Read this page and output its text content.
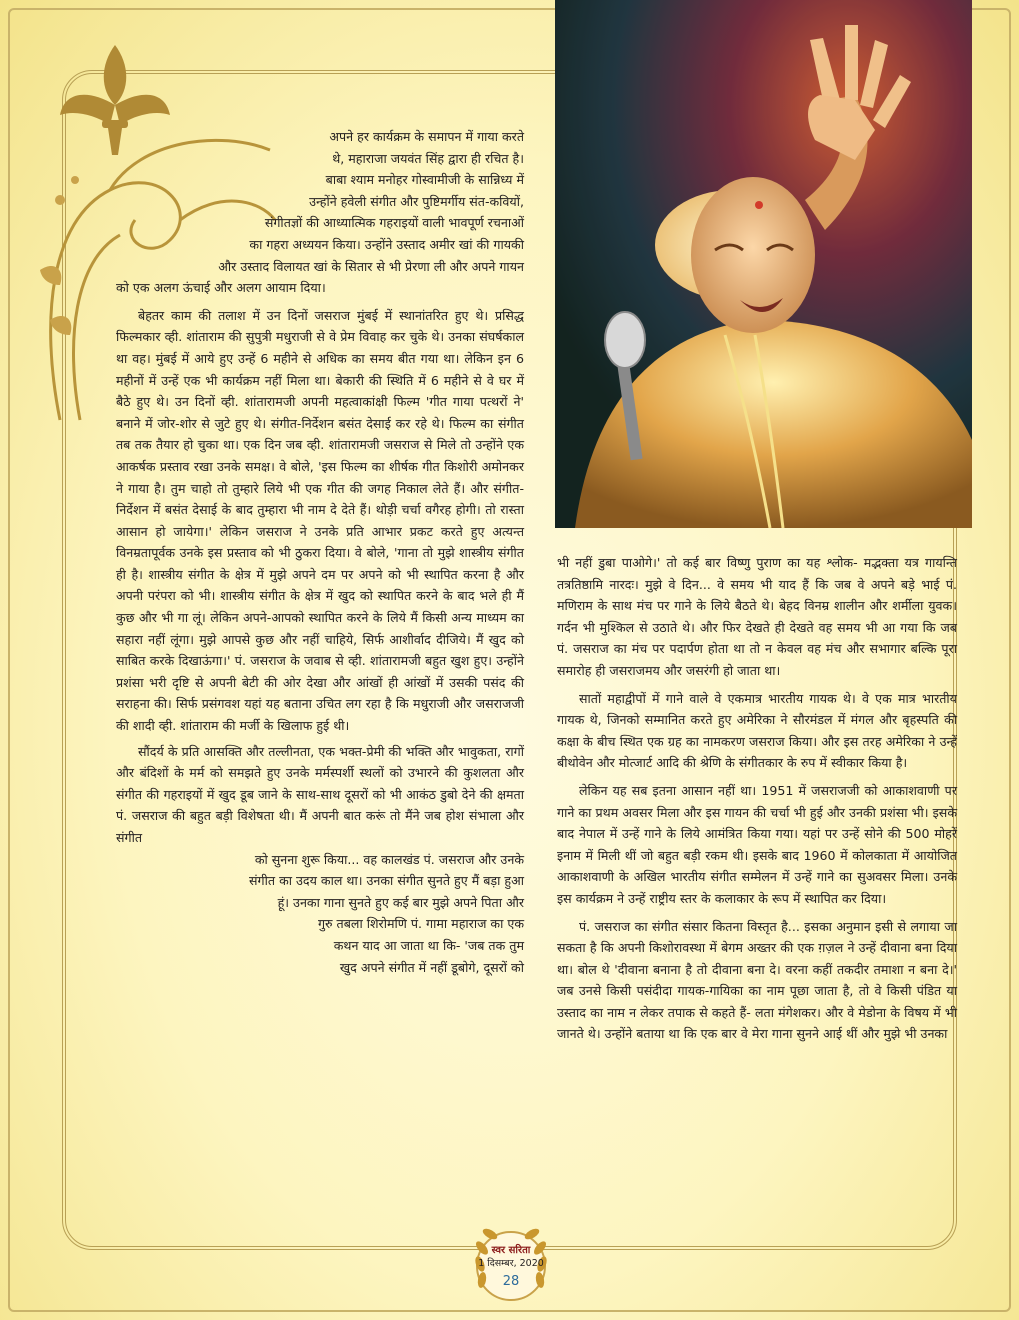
अपने हर कार्यक्रम के समापन में गाया करते

थे, महाराजा जयवंत सिंह द्वारा ही रचित है।

बाबा श्याम मनोहर गोस्वामीजी के सान्निध्य में

उन्होंने हवेली संगीत और पुष्टिमर्गीय संत-कवियों,

संगीतज्ञों की आध्यात्मिक गहराइयों वाली भावपूर्ण रचनाओं

का गहरा अध्ययन किया। उन्होंने उस्ताद अमीर खां की गायकी

और उस्ताद विलायत खां के सितार से भी प्रेरणा ली और अपने गायन

को एक अलग ऊंचाई और अलग आयाम दिया।

बेहतर काम की तलाश में उन दिनों जसराज मुंबई में स्थानांतरित हुए थे। प्रसिद्ध फिल्मकार व्ही. शांताराम की सुपुत्री मधुराजी से वे प्रेम विवाह कर चुके थे। उनका संघर्षकाल था वह। मुंबई में आये हुए उन्हें 6 महीने से अधिक का समय बीत गया था। लेकिन इन 6 महीनों में उन्हें एक भी कार्यक्रम नहीं मिला था। बेकारी की स्थिति में 6 महीने से वे घर में बैठे हुए थे। उन दिनों व्ही. शांतारामजी अपनी महत्वाकांक्षी फिल्म 'गीत गाया पत्थरों ने' बनाने में जोर-शोर से जुटे हुए थे। संगीत-निर्देशन बसंत देसाई कर रहे थे। फिल्म का संगीत तब तक तैयार हो चुका था। एक दिन जब व्ही. शांतारामजी जसराज से मिले तो उन्होंने एक आकर्षक प्रस्ताव रखा उनके समक्ष। वे बोले, 'इस फिल्म का शीर्षक गीत किशोरी अमोनकर ने गाया है। तुम चाहो तो तुम्हारे लिये भी एक गीत की जगह निकाल लेते हैं। और संगीत-निर्देशन में बसंत देसाई के बाद तुम्हारा भी नाम दे देते हैं। थोड़ी चर्चा वगैरह होगी। तो रास्ता आसान हो जायेगा।' लेकिन जसराज ने उनके प्रति आभार प्रकट करते हुए अत्यन्त विनम्रतापूर्वक उनके इस प्रस्ताव को भी ठुकरा दिया। वे बोले, 'गाना तो मुझे शास्त्रीय संगीत ही है। शास्त्रीय संगीत के क्षेत्र में मुझे अपने दम पर अपने को भी स्थापित करना है और अपनी परंपरा को भी। शास्त्रीय संगीत के क्षेत्र में खुद को स्थापित करने के बाद भले ही मैं कुछ और भी गा लूं। लेकिन अपने-आपको स्थापित करने के लिये मैं किसी अन्य माध्यम का सहारा नहीं लूंगा। मुझे आपसे कुछ और नहीं चाहिये, सिर्फ आशीर्वाद दीजिये। मैं खुद को साबित करके दिखाऊंगा।' पं. जसराज के जवाब से व्ही. शांतारामजी बहुत खुश हुए। उन्होंने प्रशंसा भरी दृष्टि से अपनी बेटी की ओर देखा और आंखों ही आंखों में उसकी पसंद की सराहना की। सिर्फ प्रसंगवश यहां यह बताना उचित लग रहा है कि मधुराजी और जसराजजी की शादी व्ही. शांताराम की मर्जी के खिलाफ हुई थी।

सौंदर्य के प्रति आसक्ति और तल्लीनता, एक भक्त-प्रेमी की भक्ति और भावुकता, रागों और बंदिशों के मर्म को समझते हुए उनके मर्मस्पर्शी स्थलों को उभारने की कुशलता और संगीत की गहराइयों में खुद डूब जाने के साथ-साथ दूसरों को भी आकंठ डुबो देने की क्षमता पं. जसराज की बहुत बड़ी विशेषता थी। मैं अपनी बात करूं तो मैंने जब होश संभाला और संगीत

को सुनना शुरू किया... वह कालखंड पं. जसराज और उनके

संगीत का उदय काल था। उनका संगीत सुनते हुए मैं बड़ा हुआ

हूं। उनका गाना सुनते हुए कई बार मुझे अपने पिता और

गुरु तबला शिरोमणि पं. गामा महाराज का एक

कथन याद आ जाता था कि- 'जब तक तुम

खुद अपने संगीत में नहीं डूबोगे, दूसरों को

भी नहीं डुबा पाओगे।' तो कई बार विष्णु पुराण का यह श्लोक- मद्भक्ता यत्र गायन्ति तत्रतिष्ठामि नारदः। मुझे वे दिन... वे समय भी याद हैं कि जब वे अपने बड़े भाई पं. मणिराम के साथ मंच पर गाने के लिये बैठते थे। बेहद विनम्र शालीन और शर्मीला युवक। गर्दन भी मुश्किल से उठाते थे। और फिर देखते ही देखते वह समय भी आ गया कि जब पं. जसराज का मंच पर पदार्पण होता था तो न केवल वह मंच और सभागार बल्कि पूरा समारोह ही जसराजमय और जसरंगी हो जाता था।

सातों महाद्वीपों में गाने वाले वे एकमात्र भारतीय गायक थे। वे एक मात्र भारतीय गायक थे, जिनको सम्मानित करते हुए अमेरिका ने सौरमंडल में मंगल और बृहस्पति की कक्षा के बीच स्थित एक ग्रह का नामकरण जसराज किया। और इस तरह अमेरिका ने उन्हें बीथोवेन और मोत्जार्ट आदि की श्रेणि के संगीतकार के रुप में स्वीकार किया है।

लेकिन यह सब इतना आसान नहीं था। 1951 में जसराजजी को आकाशवाणी पर गाने का प्रथम अवसर मिला और इस गायन की चर्चा भी हुई और उनकी प्रशंसा भी। इसके बाद नेपाल में उन्हें गाने के लिये आमंत्रित किया गया। यहां पर उन्हें सोने की 500 मोहरें इनाम में मिली थीं जो बहुत बड़ी रकम थी। इसके बाद 1960 में कोलकाता में आयोजित आकाशवाणी के अखिल भारतीय संगीत सम्मेलन में उन्हें गाने का सुअवसर मिला। उनके इस कार्यक्रम ने उन्हें राष्ट्रीय स्तर के कलाकार के रूप में स्थापित कर दिया।

पं. जसराज का संगीत संसार कितना विस्तृत है... इसका अनुमान इसी से लगाया जा सकता है कि अपनी किशोरावस्था में बेगम अख्तर की एक ग़ज़ल ने उन्हें दीवाना बना दिया था। बोल थे 'दीवाना बनाना है तो दीवाना बना दे। वरना कहीं तकदीर तमाशा न बना दे।' जब उनसे किसी पसंदीदा गायक-गायिका का नाम पूछा जाता है, तो वे किसी पंडित या उस्ताद का नाम न लेकर तपाक से कहते हैं- लता मंगेशकर। और वे मेडोना के विषय में भी जानते थे। उन्होंने बताया था कि एक बार वे मेरा गाना सुनने आई थीं और मुझे भी उनका

स्वर सरिता
1 दिसम्बर, 2020
28
